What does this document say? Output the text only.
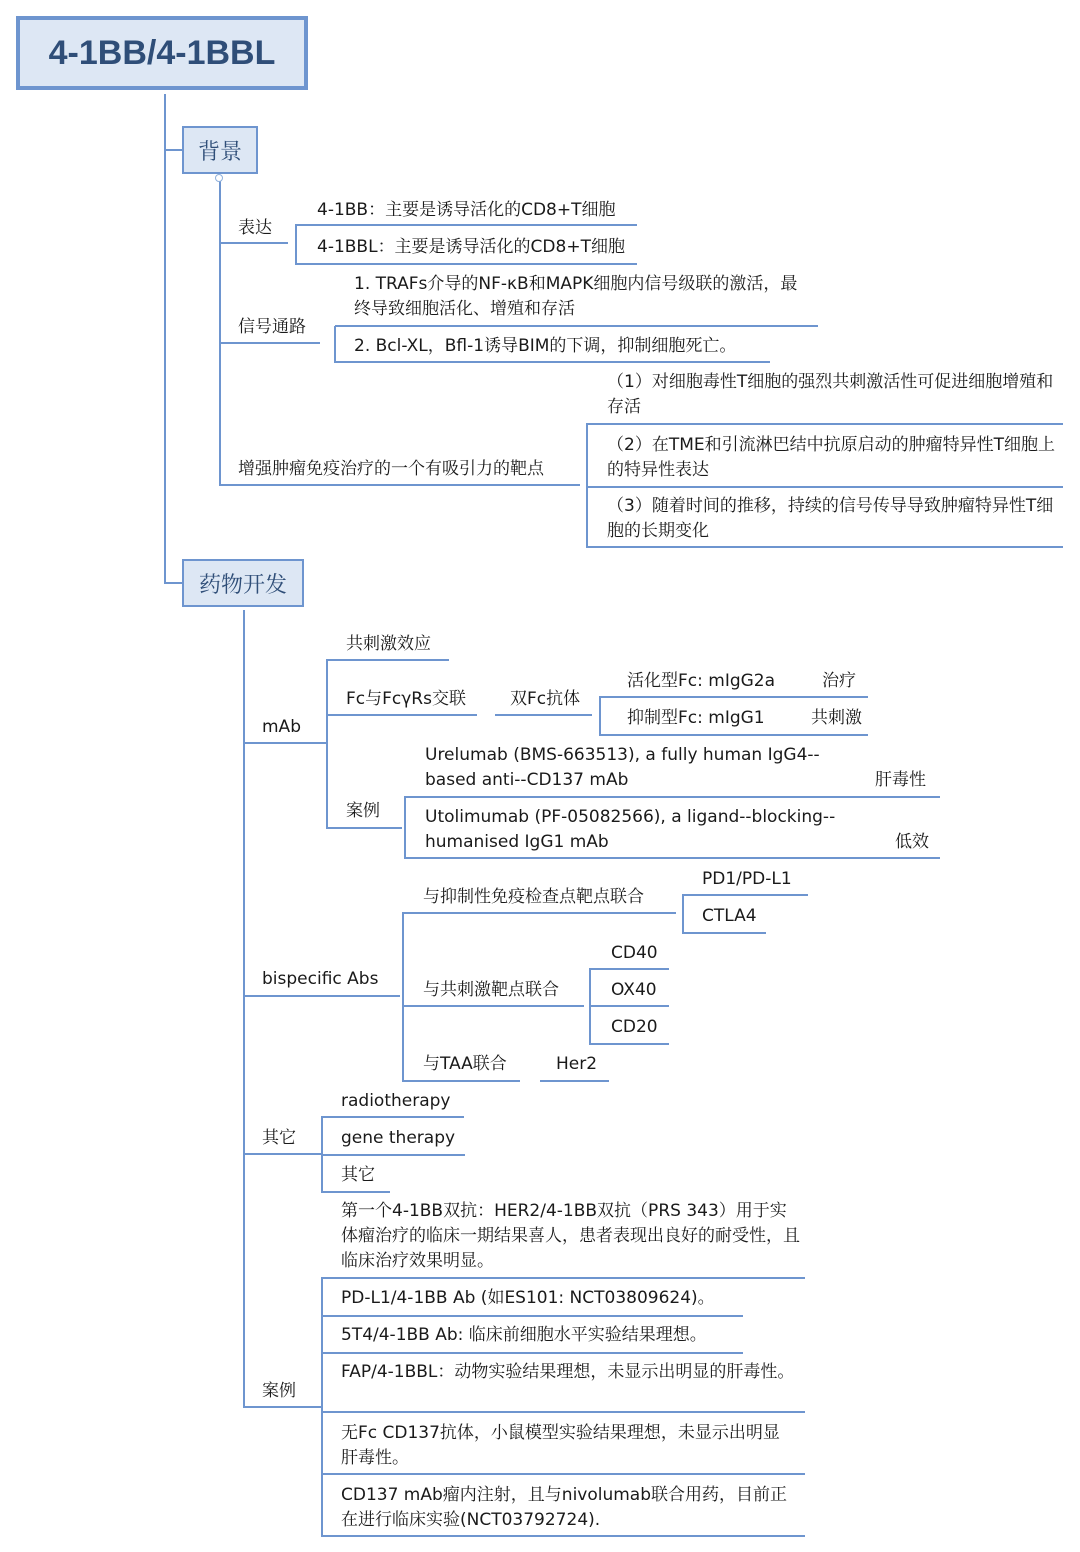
4-1BB/4-1BBL
背景
表达
4-1BB：主要是诱导活化的CD8+T细胞
4-1BBL：主要是诱导活化的CD8+T细胞
信号通路
1. TRAFs介导的NF-κB和MAPK细胞内信号级联的激活，最终导致细胞活化、增殖和存活
2. Bcl-XL，Bfl-1诱导BIM的下调，抑制细胞死亡。
增强肿瘤免疫治疗的一个有吸引力的靶点
（1）对细胞毒性T细胞的强烈共刺激活性可促进细胞增殖和存活
（2）在TME和引流淋巴结中抗原启动的肿瘤特异性T细胞上的特异性表达
（3）随着时间的推移，持续的信号传导导致肿瘤特异性T细胞的长期变化
药物开发
mAb
共刺激效应
Fc与FcγRs交联	双Fc抗体
活化型Fc: mIgG2a	治疗
抑制型Fc: mIgG1	共刺激
案例
Urelumab (BMS-663513), a fully human IgG4--based anti--CD137 mAb	肝毒性
Utolimumab (PF-05082566), a ligand--blocking--humanised IgG1 mAb	低效
bispecific Abs
与抑制性免疫检查点靶点联合
PD1/PD-L1
CTLA4
与共刺激靶点联合
CD40
OX40
CD20
与TAA联合	Her2
其它
radiotherapy
gene therapy
其它
案例
第一个4-1BB双抗：HER2/4-1BB双抗（PRS 343）用于实体瘤治疗的临床一期结果喜人，患者表现出良好的耐受性，且临床治疗效果明显。
PD-L1/4-1BB Ab (如ES101: NCT03809624)。
5T4/4-1BB Ab: 临床前细胞水平实验结果理想。
FAP/4-1BBL：动物实验结果理想，未显示出明显的肝毒性。
无Fc CD137抗体，小鼠模型实验结果理想，未显示出明显肝毒性。
CD137 mAb瘤内注射，且与nivolumab联合用药，目前正在进行临床实验(NCT03792724).
